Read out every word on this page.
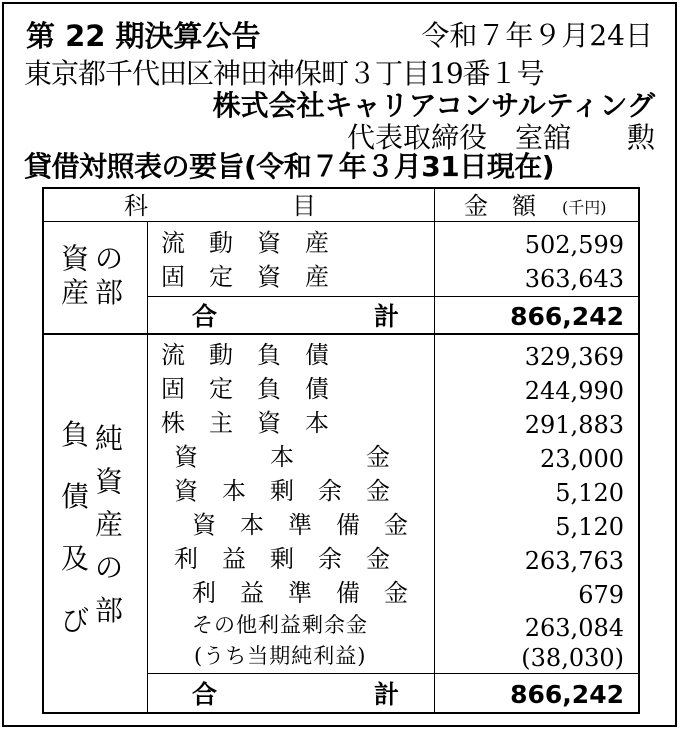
第 22 期決算公告	令和７年９月24日
東京都千代田区神田神保町３丁目19番１号
株式会社キャリアコンサルティング
代表取締役　室舘　　勲
貸借対照表の要旨(令和７年３月31日現在)
科　　　　　　目	金　額 (千円)
資
産
の
部
流　動　資　産	502,599
固　定　資　産	363,643
合	計	866,242
負
債
及
び
純
資
産
の
部
流　動　負　債	329,369
固　定　負　債	244,990
株　主　資　本	291,883
資　　　本　　　金	23,000
資　本　剰　余　金	5,120
資　本　準　備　金	5,120
利　益　剰　余　金	263,763
利　益　準　備　金	679
その他利益剰余金	263,084
(うち当期純利益)	(38,030)
合	計	866,242
